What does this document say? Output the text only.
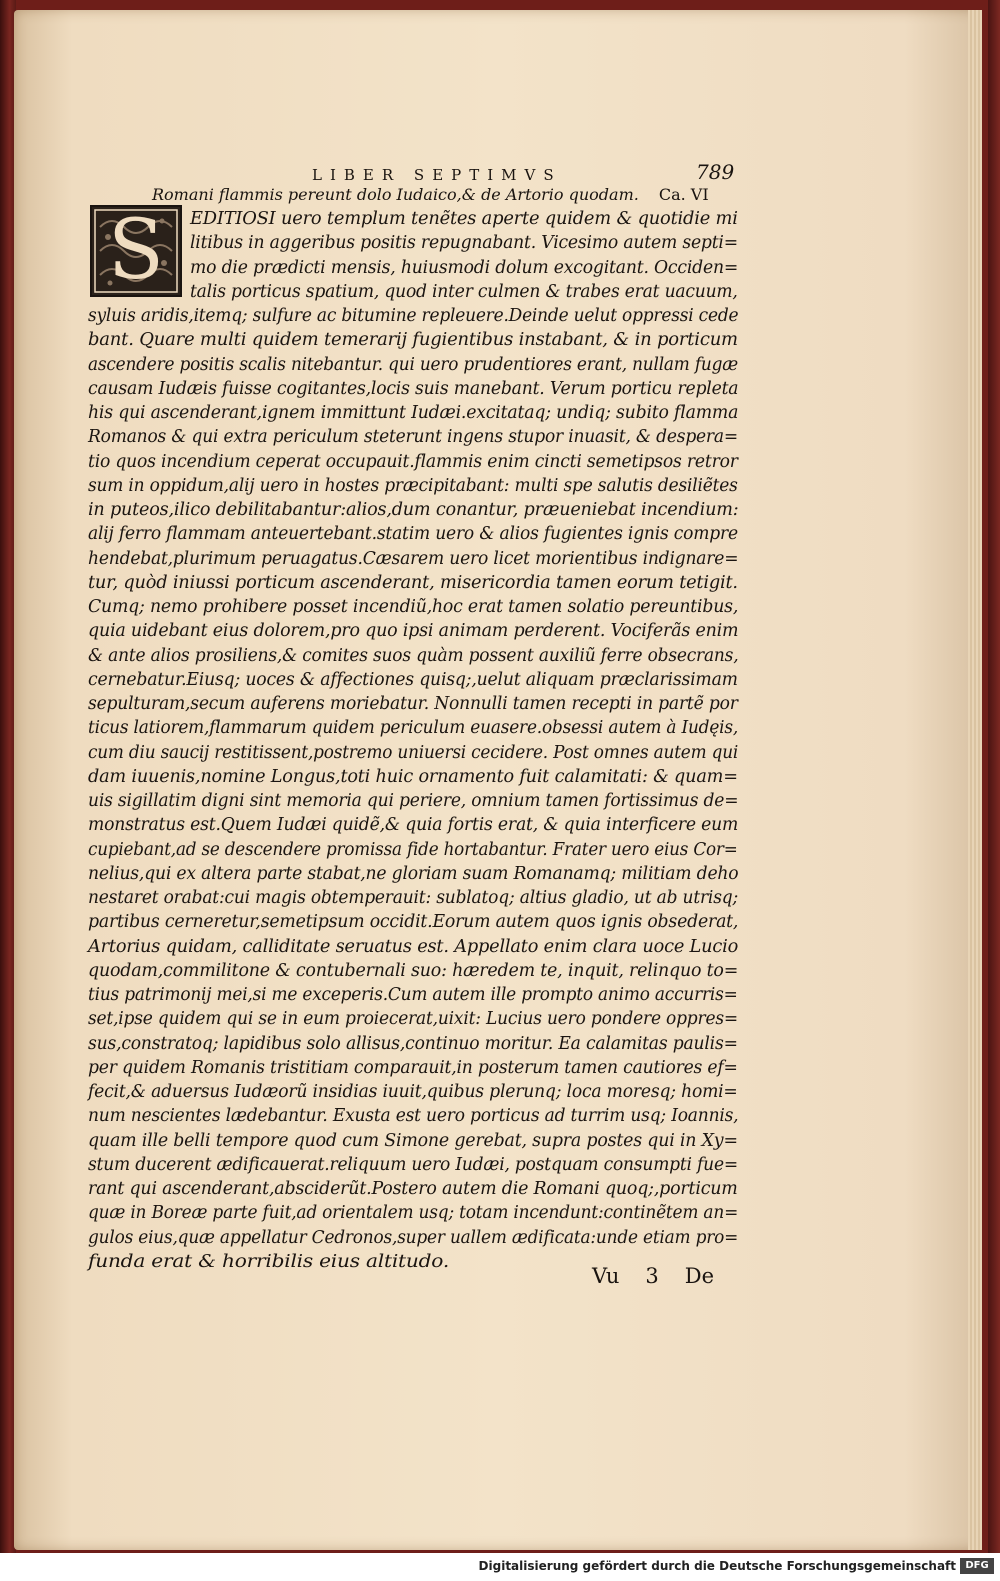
LIBER SEPTIMVS	789
Romani flammis pereunt dolo Iudaico,& de Artorio quodam. Ca. VI
S	EDITIOSI uero templum tenẽtes aperte quidem & quotidie mi
litibus in aggeribus positis repugnabant. Vicesimo autem septi=
mo die prædicti mensis, huiusmodi dolum excogitant. Occiden=
talis porticus spatium, quod inter culmen & trabes erat uacuum,
syluis aridis,itemq; sulfure ac bitumine repleuere.Deinde uelut oppressi cede
bant. Quare multi quidem temerarij fugientibus instabant, & in porticum
ascendere positis scalis nitebantur. qui uero prudentiores erant, nullam fugæ
causam Iudæis fuisse cogitantes,locis suis manebant. Verum porticu repleta
his qui ascenderant,ignem immittunt Iudæi.excitataq; undiq; subito flamma
Romanos & qui extra periculum steterunt ingens stupor inuasit, & despera=
tio quos incendium ceperat occupauit.flammis enim cincti semetipsos retror
sum in oppidum,alij uero in hostes præcipitabant: multi spe salutis desiliẽtes
in puteos,ilico debilitabantur:alios,dum conantur, præueniebat incendium:
alij ferro flammam anteuertebant.statim uero & alios fugientes ignis compre
hendebat,plurimum peruagatus.Cæsarem uero licet morientibus indignare=
tur, quòd iniussi porticum ascenderant, misericordia tamen eorum tetigit.
Cumq; nemo prohibere posset incendiũ,hoc erat tamen solatio pereuntibus,
quia uidebant eius dolorem,pro quo ipsi animam perderent. Vociferãs enim
& ante alios prosiliens,& comites suos quàm possent auxiliũ ferre obsecrans,
cernebatur.Eiusq; uoces & affectiones quisq;,uelut aliquam præclarissimam
sepulturam,secum auferens moriebatur. Nonnulli tamen recepti in partẽ por
ticus latiorem,flammarum quidem periculum euasere.obsessi autem à Iudęis,
cum diu saucij restitissent,postremo uniuersi cecidere. Post omnes autem qui
dam iuuenis,nomine Longus,toti huic ornamento fuit calamitati: & quam=
uis sigillatim digni sint memoria qui periere, omnium tamen fortissimus de=
monstratus est.Quem Iudæi quidẽ,& quia fortis erat, & quia interficere eum
cupiebant,ad se descendere promissa fide hortabantur. Frater uero eius Cor=
nelius,qui ex altera parte stabat,ne gloriam suam Romanamq; militiam deho
nestaret orabat:cui magis obtemperauit: sublatoq; altius gladio, ut ab utrisq;
partibus cerneretur,semetipsum occidit.Eorum autem quos ignis obsederat,
Artorius quidam, calliditate seruatus est. Appellato enim clara uoce Lucio
quodam,commilitone & contubernali suo: hæredem te, inquit, relinquo to=
tius patrimonij mei,si me exceperis.Cum autem ille prompto animo accurris=
set,ipse quidem qui se in eum proiecerat,uixit: Lucius uero pondere oppres=
sus,constratoq; lapidibus solo allisus,continuo moritur. Ea calamitas paulis=
per quidem Romanis tristitiam comparauit,in posterum tamen cautiores ef=
fecit,& aduersus Iudæorũ insidias iuuit,quibus plerunq; loca moresq; homi=
num nescientes lædebantur. Exusta est uero porticus ad turrim usq; Ioannis,
quam ille belli tempore quod cum Simone gerebat, supra postes qui in Xy=
stum ducerent ædificauerat.reliquum uero Iudæi, postquam consumpti fue=
rant qui ascenderant,absciderũt.Postero autem die Romani quoq;,porticum
quæ in Boreæ parte fuit,ad orientalem usq; totam incendunt:continẽtem an=
gulos eius,quæ appellatur Cedronos,super uallem ædificata:unde etiam pro=
funda erat & horribilis eius altitudo.
Vu 3 De
Digitalisierung gefördert durch die Deutsche Forschungsgemeinschaft DFG
